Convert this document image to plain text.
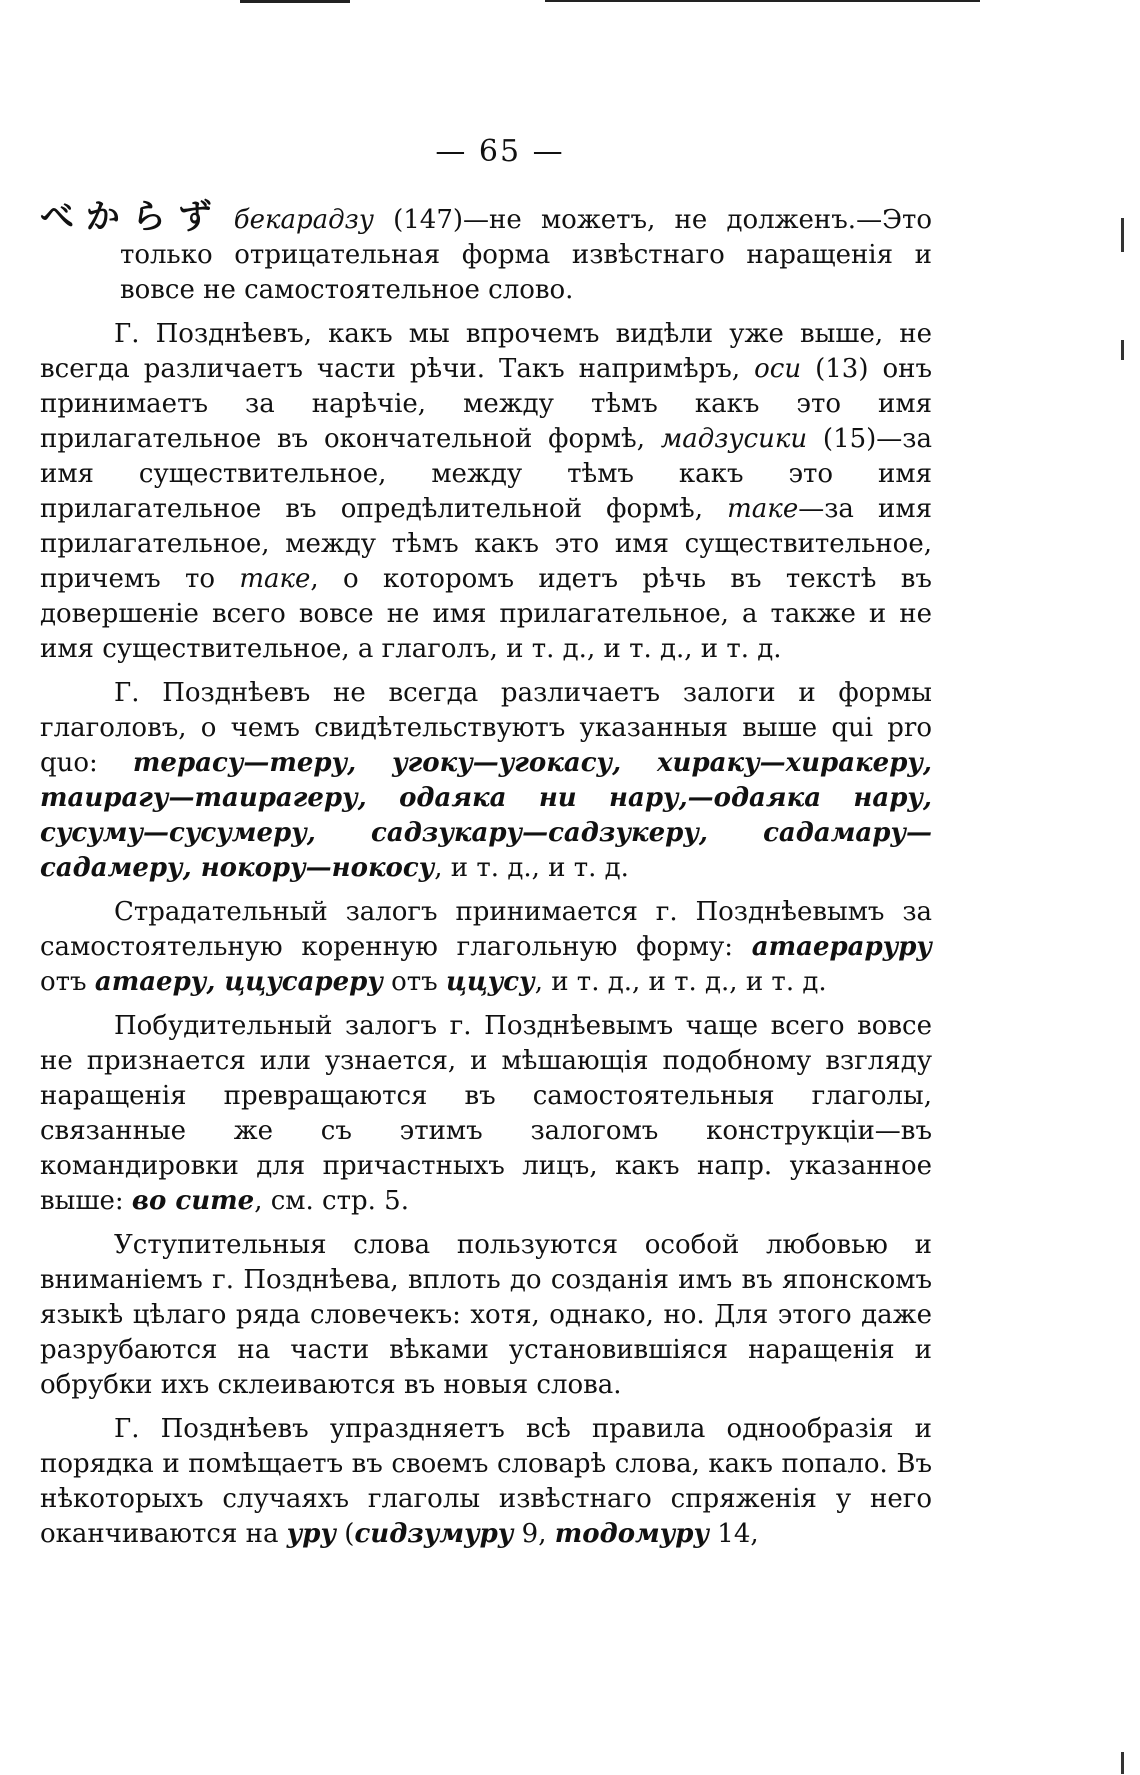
— 65 —

べからず бекарадзу (147)—не можетъ, не долженъ.—Это только отрицательная форма извѣстнаго наращенія и вовсе не самостоятельное слово.

Г. Позднѣевъ, какъ мы впрочемъ видѣли уже выше, не всегда различаетъ части рѣчи. Такъ напримѣръ, оси (13) онъ принимаетъ за нарѣчіе, между тѣмъ какъ это имя прилагательное въ окончательной формѣ, мадзусики (15)—за имя существительное, между тѣмъ какъ это имя прилагательное въ опредѣлительной формѣ, таке—за имя прилагательное, между тѣмъ какъ это имя существительное, причемъ то таке, о которомъ идетъ рѣчь въ текстѣ въ довершеніе всего вовсе не имя прилагательное, а также и не имя существительное, а глаголъ, и т. д., и т. д., и т. д.

Г. Позднѣевъ не всегда различаетъ залоги и формы глаголовъ, о чемъ свидѣтельствуютъ указанныя выше qui pro quo: терасу—теру, угоку—угокасу, хираку—хиракеру, таирагу—таирагеру, одаяка ни нару,—одаяка нару, сусуму—сусумеру, садзукару—садзукеру, садамару—садамеру, нокору—нокосу, и т. д., и т. д.

Страдательный залогъ принимается г. Позднѣевымъ за самостоятельную коренную глагольную форму: атаераруру отъ атаеру, ццусареру отъ ццусу, и т. д., и т. д., и т. д.

Побудительный залогъ г. Позднѣевымъ чаще всего вовсе не признается или узнается, и мѣшающія подобному взгляду наращенія превращаются въ самостоятельныя глаголы, связанные же съ этимъ залогомъ конструкціи—въ командировки для причастныхъ лицъ, какъ напр. указанное выше: во сите, см. стр. 5.

Уступительныя слова пользуются особой любовью и вниманіемъ г. Позднѣева, вплоть до созданія имъ въ японскомъ языкѣ цѣлаго ряда словечекъ: хотя, однако, но. Для этого даже разрубаются на части вѣками установившіяся наращенія и обрубки ихъ склеиваются въ новыя слова.

Г. Позднѣевъ упраздняетъ всѣ правила однообразія и порядка и помѣщаетъ въ своемъ словарѣ слова, какъ попало. Въ нѣкоторыхъ случаяхъ глаголы извѣстнаго спряженія у него оканчиваются на уру (сидзумуру 9, тодомуру 14,
